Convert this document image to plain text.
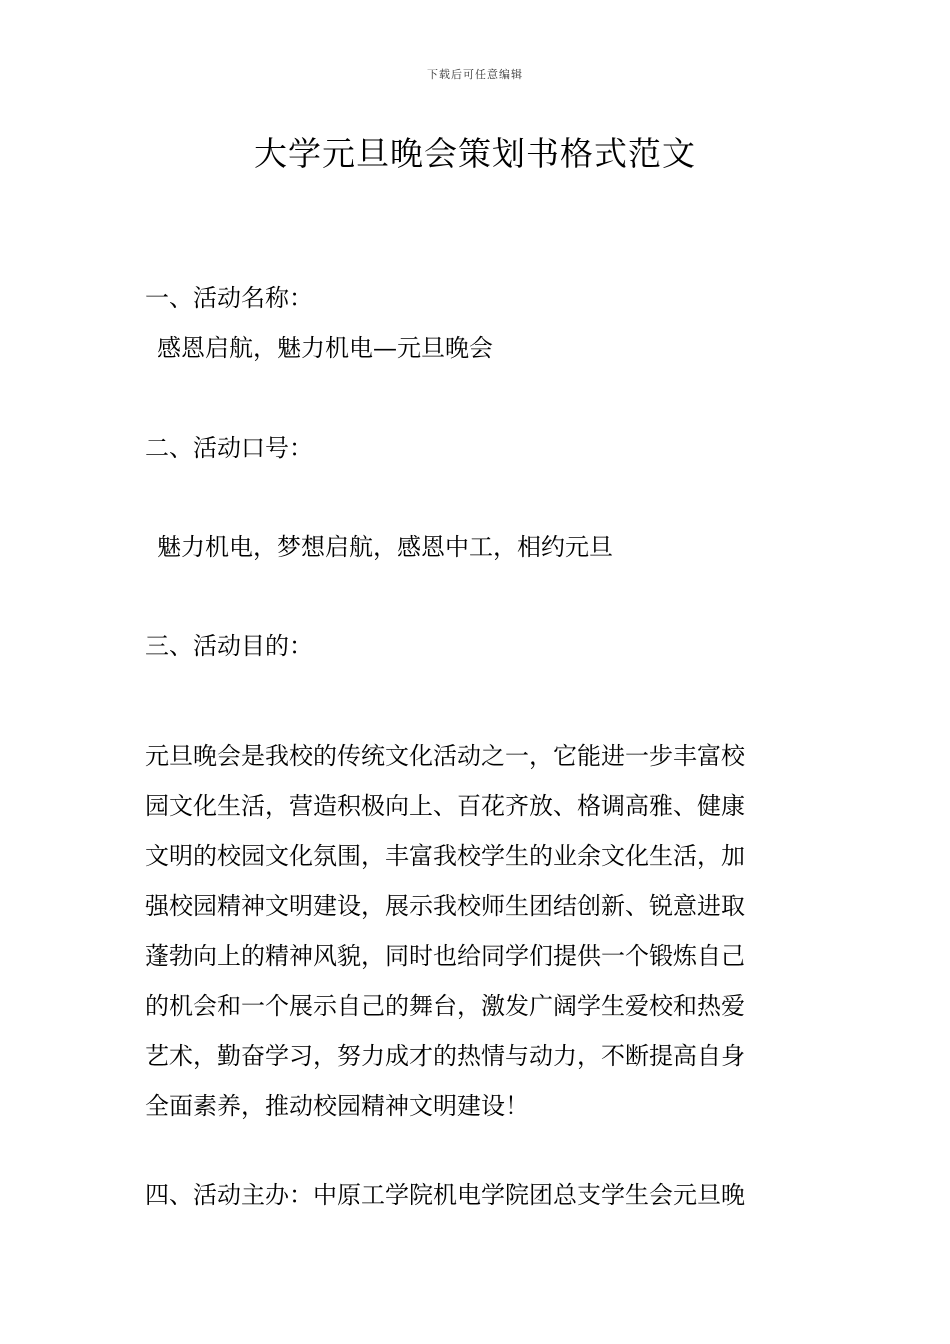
下载后可任意编辑
大学元旦晚会策划书格式范文

一、活动名称：

感恩启航，魅力机电—元旦晚会

二、活动口号：

魅力机电，梦想启航，感恩中工，相约元旦

三、活动目的：

元旦晚会是我校的传统文化活动之一，它能进一步丰富校
园文化生活，营造积极向上、百花齐放、格调高雅、健康
文明的校园文化氛围，丰富我校学生的业余文化生活，加
强校园精神文明建设，展示我校师生团结创新、锐意进取
蓬勃向上的精神风貌，同时也给同学们提供一个锻炼自己
的机会和一个展示自己的舞台，激发广阔学生爱校和热爱
艺术，勤奋学习，努力成才的热情与动力，不断提高自身
全面素养，推动校园精神文明建设！

四、活动主办：中原工学院机电学院团总支学生会元旦晚
